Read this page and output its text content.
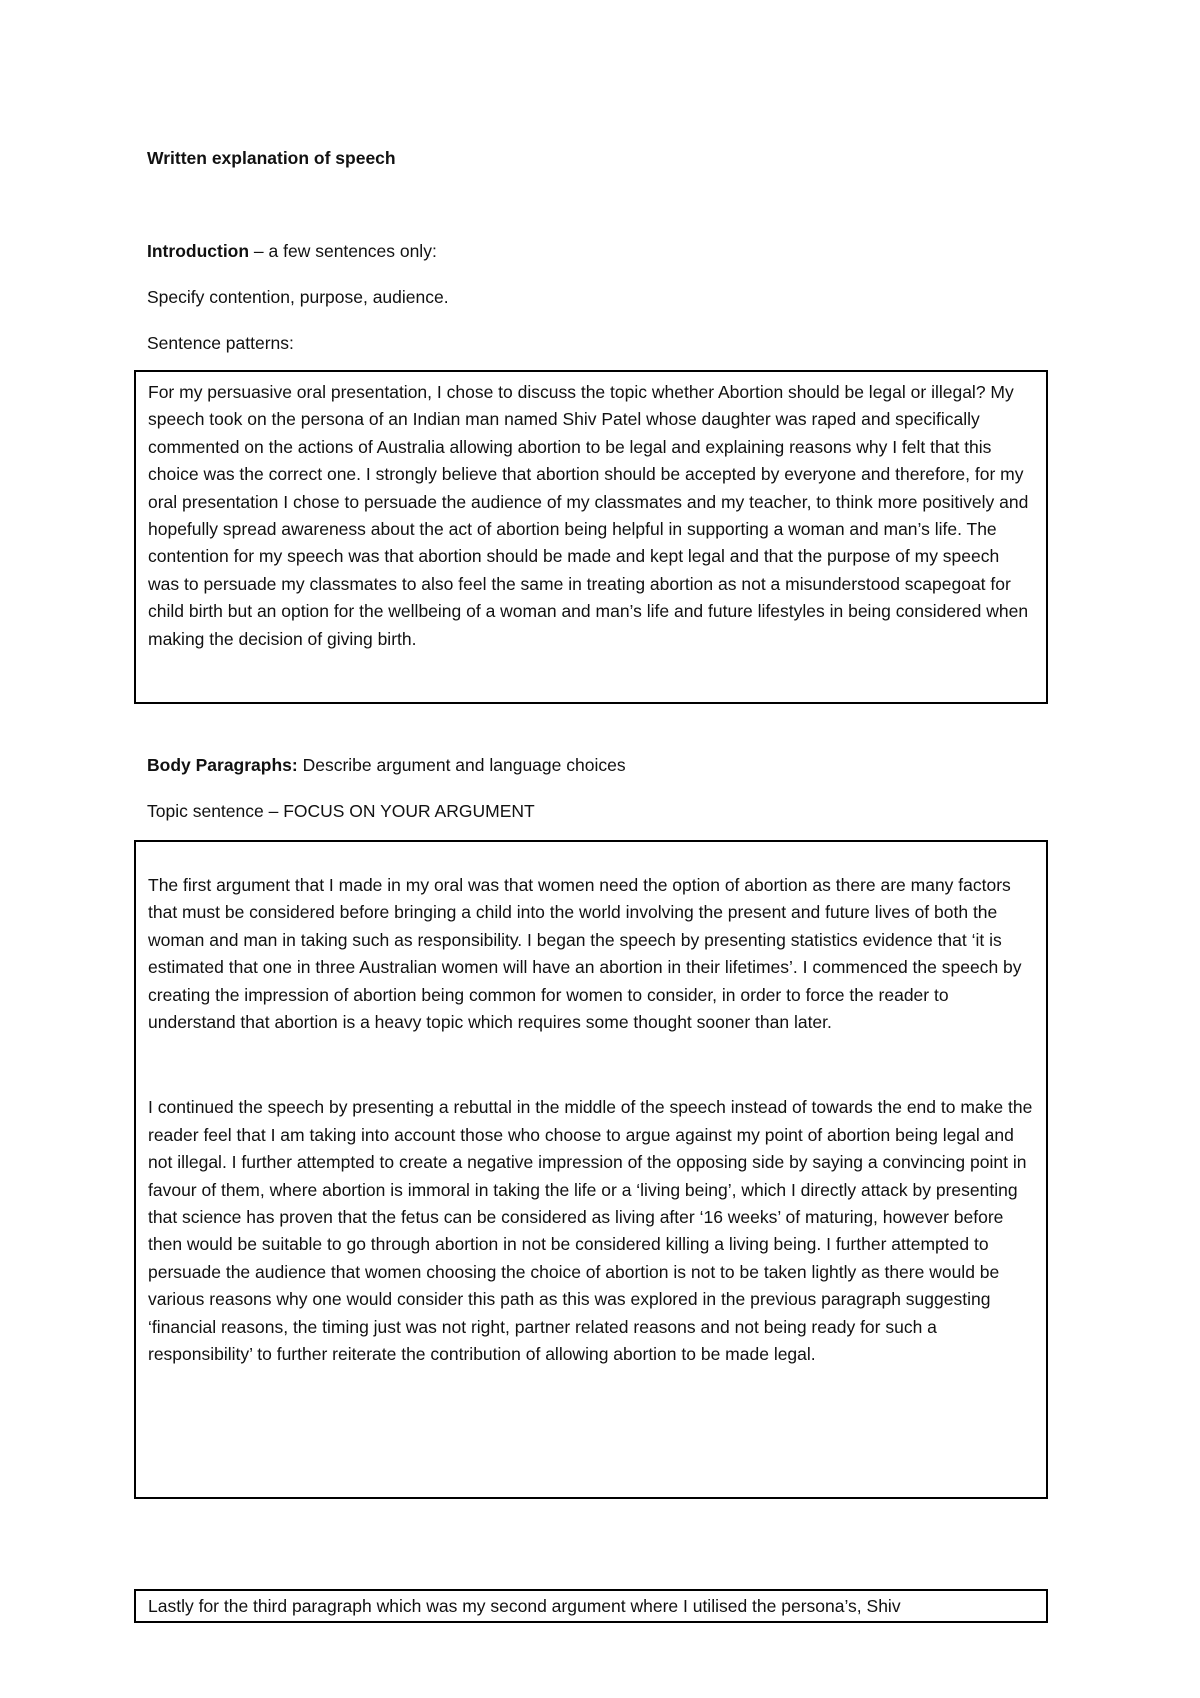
Written explanation of speech

Introduction – a few sentences only:

Specify contention, purpose, audience.

Sentence patterns:

For my persuasive oral presentation, I chose to discuss the topic whether Abortion should be legal or illegal? My speech took on the persona of an Indian man named Shiv Patel whose daughter was raped and specifically commented on the actions of Australia allowing abortion to be legal and explaining reasons why I felt that this choice was the correct one. I strongly believe that abortion should be accepted by everyone and therefore, for my oral presentation I chose to persuade the audience of my classmates and my teacher, to think more positively and hopefully spread awareness about the act of abortion being helpful in supporting a woman and man’s life. The contention for my speech was that abortion should be made and kept legal and that the purpose of my speech was to persuade my classmates to also feel the same in treating abortion as not a misunderstood scapegoat for child birth but an option for the wellbeing of a woman and man’s life and future lifestyles in being considered when making the decision of giving birth.

Body Paragraphs: Describe argument and language choices

Topic sentence – FOCUS ON YOUR ARGUMENT

The first argument that I made in my oral was that women need the option of abortion as there are many factors that must be considered before bringing a child into the world involving the present and future lives of both the woman and man in taking such as responsibility. I began the speech by presenting statistics evidence that ‘it is estimated that one in three Australian women will have an abortion in their lifetimes’. I commenced the speech by creating the impression of abortion being common for women to consider, in order to force the reader to understand that abortion is a heavy topic which requires some thought sooner than later.

I continued the speech by presenting a rebuttal in the middle of the speech instead of towards the end to make the reader feel that I am taking into account those who choose to argue against my point of abortion being legal and not illegal. I further attempted to create a negative impression of the opposing side by saying a convincing point in favour of them, where abortion is immoral in taking the life or a ‘living being’, which I directly attack by presenting that science has proven that the fetus can be considered as living after ‘16 weeks’ of maturing, however before then would be suitable to go through abortion in not be considered killing a living being. I further attempted to persuade the audience that women choosing the choice of abortion is not to be taken lightly as there would be various reasons why one would consider this path as this was explored in the previous paragraph suggesting ‘financial reasons, the timing just was not right, partner related reasons and not being ready for such a responsibility’ to further reiterate the contribution of allowing abortion to be made legal.

Lastly for the third paragraph which was my second argument where I utilised the persona’s, Shiv
